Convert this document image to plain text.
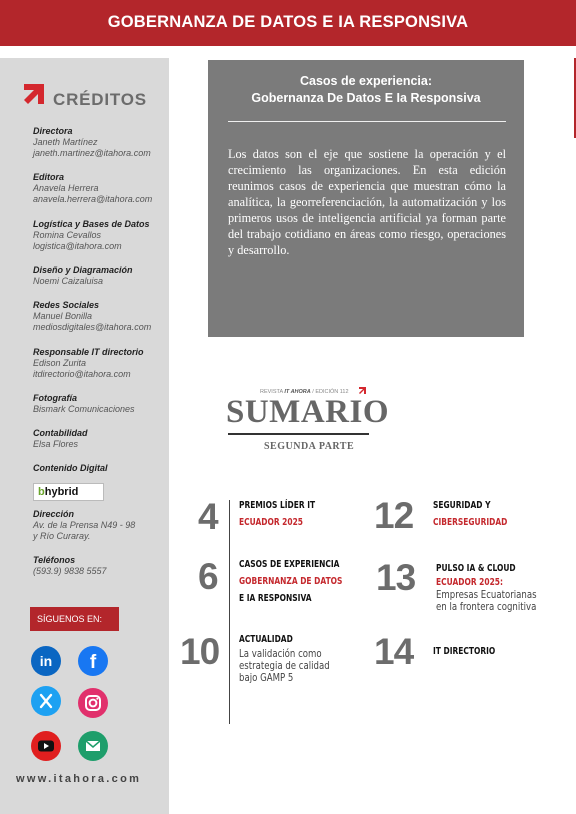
GOBERNANZA DE DATOS E IA RESPONSIVA
CRÉDITOS
Directora
Janeth Martínez
janeth.martinez@itahora.com
Editora
Anavela Herrera
anavela.herrera@itahora.com
Logística y Bases de Datos
Romina Cevallos
logistica@itahora.com
Diseño y Diagramación
Noemi Caizaluisa
Redes Sociales
Manuel Bonilla
mediosdigitales@itahora.com
Responsable IT directorio
Edison Zurita
itdirectorio@itahora.com
Fotografía
Bismark Comunicaciones
Contabilidad
Elsa Flores
Contenido Digital
bhybrid
Dirección
Av. de la Prensa N49 - 98
y Río Curaray.
Teléfonos
(593.9) 9838 5557
SÍGUENOS EN:
in f
www.itahora.com
Casos de experiencia:
Gobernanza De Datos E Ia Responsiva
Los datos son el eje que sostiene la operación y el crecimiento las organizaciones. En esta edición reunimos casos de experiencia que muestran cómo la analítica, la georreferenciación, la automatización y los primeros usos de inteligencia artificial ya forman parte del trabajo cotidiano en áreas como riesgo, operaciones y desarrollo.
REVISTA IT AHORA / EDICIÓN 112
SUMARIO
SEGUNDA PARTE
4 PREMIOS LÍDER IT
ECUADOR 2025
6 CASOS DE EXPERIENCIA
GOBERNANZA DE DATOS
E IA RESPONSIVA
10 ACTUALIDAD
La validación como
estrategia de calidad
bajo GAMP 5
12 SEGURIDAD Y
CIBERSEGURIDAD
13 PULSO IA & CLOUD
ECUADOR 2025:
Empresas Ecuatorianas
en la frontera cognitiva
14 IT DIRECTORIO
